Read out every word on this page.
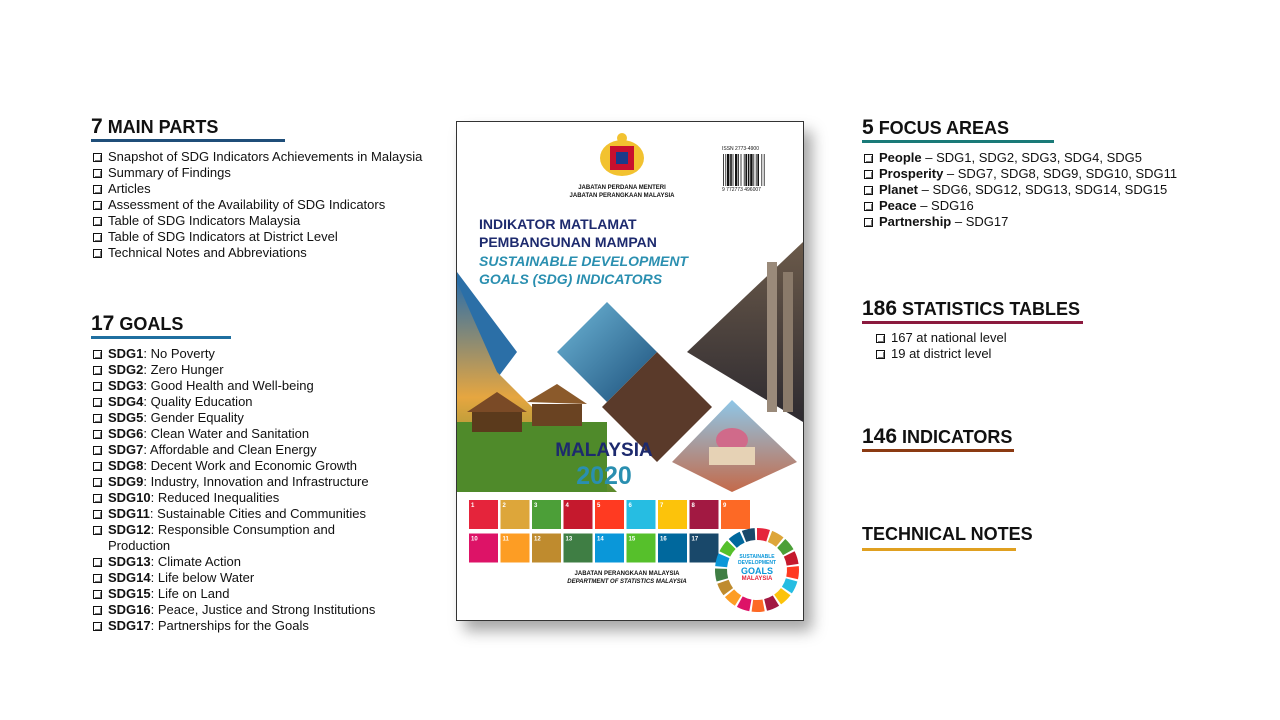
7 MAIN PARTS
Snapshot of SDG Indicators Achievements in Malaysia
Summary of Findings
Articles
Assessment of the Availability of SDG Indicators
Table of SDG Indicators Malaysia
Table of SDG Indicators at District Level
Technical Notes and Abbreviations
17 GOALS
SDG1: No Poverty
SDG2: Zero Hunger
SDG3: Good Health and Well-being
SDG4: Quality Education
SDG5: Gender Equality
SDG6: Clean Water and Sanitation
SDG7: Affordable and Clean Energy
SDG8: Decent Work and Economic Growth
SDG9: Industry, Innovation and Infrastructure
SDG10: Reduced Inequalities
SDG11: Sustainable Cities and Communities
SDG12: Responsible Consumption and
Production
SDG13: Climate Action
SDG14: Life below Water
SDG15: Life on Land
SDG16: Peace, Justice and Strong Institutions
SDG17: Partnerships for the Goals
1	2	3	4	5	6	7	8	9
10	11	12	13	14	15	16	17
JABATAN PERDANA MENTERI
JABATAN PERANGKAAN MALAYSIA
ISSN 2773-4900
9 772773 496007
INDIKATOR MATLAMAT
PEMBANGUNAN MAMPAN
SUSTAINABLE DEVELOPMENT
GOALS (SDG) INDICATORS
MALAYSIA
2020
JABATAN PERANGKAAN MALAYSIA
DEPARTMENT OF STATISTICS MALAYSIA
SUSTAINABLE
DEVELOPMENT
GOALS
MALAYSIA
5 FOCUS AREAS
People – SDG1, SDG2, SDG3, SDG4, SDG5
Prosperity – SDG7, SDG8, SDG9, SDG10, SDG11
Planet – SDG6, SDG12, SDG13, SDG14, SDG15
Peace – SDG16
Partnership – SDG17
186 STATISTICS TABLES
167 at national level
19 at district level
146 INDICATORS
TECHNICAL NOTES
